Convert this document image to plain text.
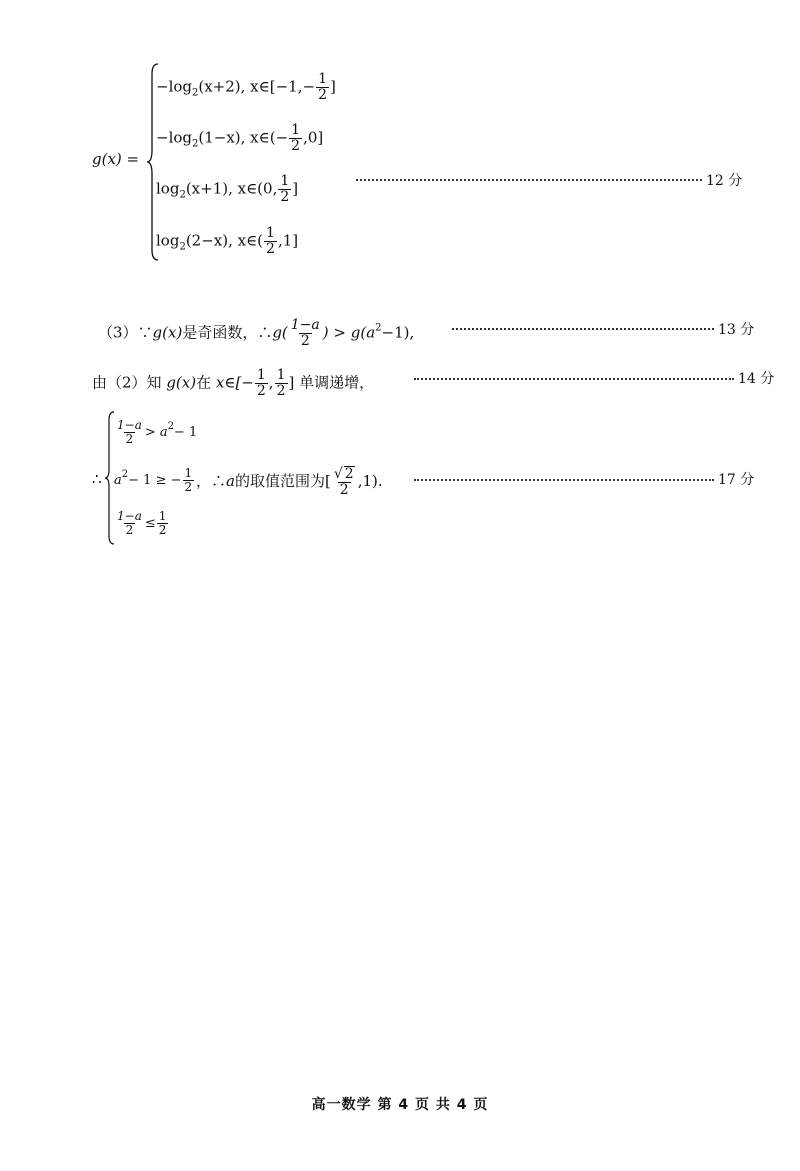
g(x) =
$-\log_2(x+2)$, x∈[−1,− $\frac{1}{2}$ ]
$-\log_2(1-x)$, x∈(− $\frac{1}{2} ,0$]
$\log_2(x+1)$, x∈(0, $\frac{1}{2}$ ]
$\log_2(2-x)$, x∈( $\frac{1}{2} ,1$]
12 分
（3）∵g(x)是奇函数，∴g( $\frac{1-a}{2}$ ) > $g(a^2-1)$,	13 分
由（2）知 g(x)在 x∈[− $\frac{1}{2}$ , $\frac{1}{2}$ ] 单调递增，	14 分
∴
$\frac{1-a}{2} > a^2- 1$
$a^2- 1$ ≥ − $\frac{1}{2}$
$\frac{1-a}{2} \le \frac{1}{2}$
，∴a的取值范围为[ $\frac{√ 2}{2} ,1$).	17 分
高一数学 第 4 页 共 4 页
